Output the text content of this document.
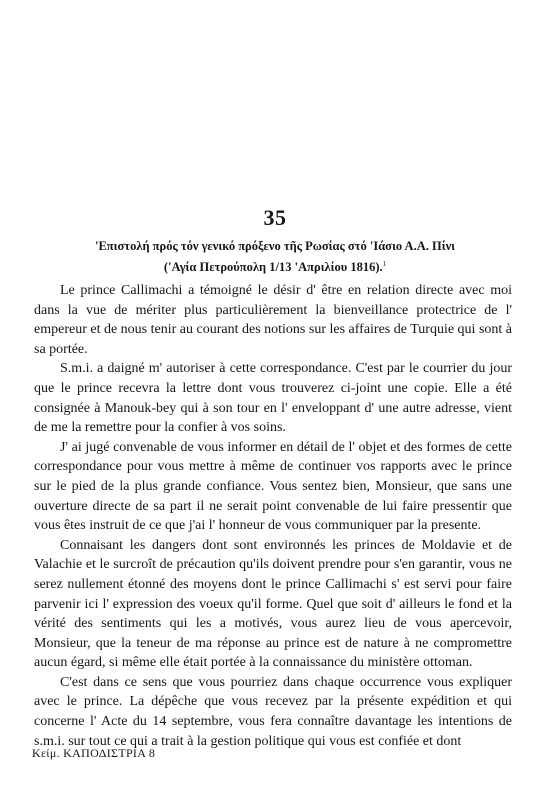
35
'Επιστολή πρός τόν γενικό πρόξενο τῆς Ρωσίας στό 'Ιάσιο Α.Α. Πίνι
('Αγία Πετρούπολη 1/13 'Απριλίου 1816).$^1$

Le prince Callimachi a témoigné le désir d' être en relation directe avec moi dans la vue de mériter plus particulièrement la bienveillance protectrice de l' empereur et de nous tenir au courant des notions sur les affaires de Turquie qui sont à sa portée.

S.m.i. a daigné m' autoriser à cette correspondance. C'est par le courrier du jour que le prince recevra la lettre dont vous trouverez ci-joint une copie. Elle a été consignée à Manouk-bey qui à son tour en l' enveloppant d' une autre adresse, vient de me la remettre pour la confier à vos soins.

J' ai jugé convenable de vous informer en détail de l' objet et des formes de cette correspondance pour vous mettre à même de continuer vos rapports avec le prince sur le pied de la plus grande confiance. Vous sentez bien, Monsieur, que sans une ouverture directe de sa part il ne serait point convenable de lui faire pressentir que vous êtes instruit de ce que j'ai l' honneur de vous communiquer par la presente.

Connaisant les dangers dont sont environnés les princes de Moldavie et de Valachie et le surcroît de précaution qu'ils doivent prendre pour s'en garantir, vous ne serez nullement étonné des moyens dont le prince Callimachi s' est servi pour faire parvenir ici l' expression des voeux qu'il forme. Quel que soit d' ailleurs le fond et la vérité des sentiments qui les a motivés, vous aurez lieu de vous apercevoir, Monsieur, que la teneur de ma réponse au prince est de nature à ne compromettre aucun égard, si même elle était portée à la connaissance du ministère ottoman.

C'est dans ce sens que vous pourriez dans chaque occurrence vous expliquer avec le prince. La dépêche que vous recevez par la présente expédition et qui concerne l' Acte du 14 septembre, vous fera connaître davantage les intentions de s.m.i. sur tout ce qui a trait à la gestion politique qui vous est confiée et dont

Κείμ. ΚΑΠΟΔΙΣΤΡΙΑ 8
